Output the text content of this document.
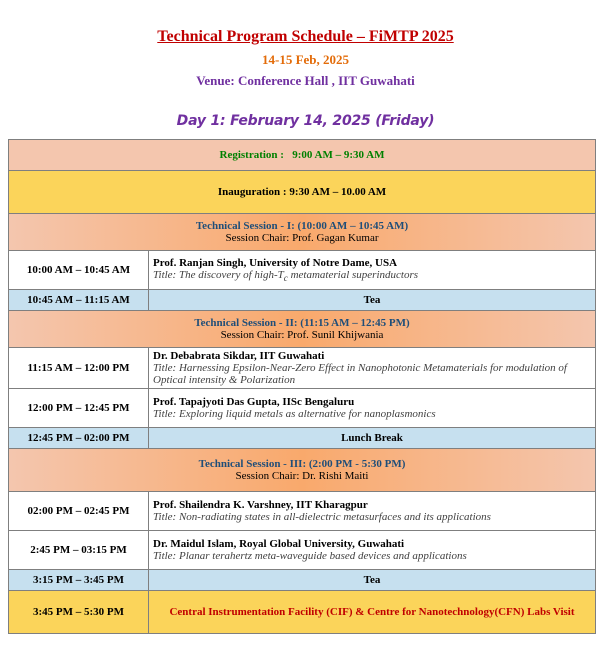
Technical Program Schedule – FiMTP 2025
14-15 Feb, 2025
Venue: Conference Hall , IIT Guwahati
Day 1: February 14, 2025 (Friday)
Registration : 9:00 AM – 9:30 AM	
Inauguration : 9:30 AM – 10.00 AM	

Technical Session - I: (10:00 AM – 10:45 AM)
Session Chair: Prof. Gagan Kumar	

10:00 AM – 10:45 AM	Prof. Ranjan Singh, University of Notre Dame, USA
Title: The discovery of high-$T_c$ metamaterial superinductors

10:45 AM – 11:15 AM	Tea

Technical Session - II: (11:15 AM – 12:45 PM)
Session Chair: Prof. Sunil Khijwania	

11:15 AM – 12:00 PM	Dr. Debabrata Sikdar, IIT Guwahati
Title: Harnessing Epsilon-Near-Zero Effect in Nanophotonic Metamaterials for modulation of Optical intensity & Polarization

12:00 PM – 12:45 PM	Prof. Tapajyoti Das Gupta, IISc Bengaluru
Title: Exploring liquid metals as alternative for nanoplasmonics

12:45 PM – 02:00 PM	Lunch Break

Technical Session - III: (2:00 PM - 5:30 PM)
Session Chair: Dr. Rishi Maiti	

02:00 PM – 02:45 PM	Prof. Shailendra K. Varshney, IIT Kharagpur
Title: Non-radiating states in all-dielectric metasurfaces and its applications

2:45 PM – 03:15 PM	Dr. Maidul Islam, Royal Global University, Guwahati
Title: Planar terahertz meta-waveguide based devices and applications

3:15 PM – 3:45 PM	Tea
3:45 PM – 5:30 PM	Central Instrumentation Facility (CIF) & Centre for Nanotechnology(CFN) Labs Visit
